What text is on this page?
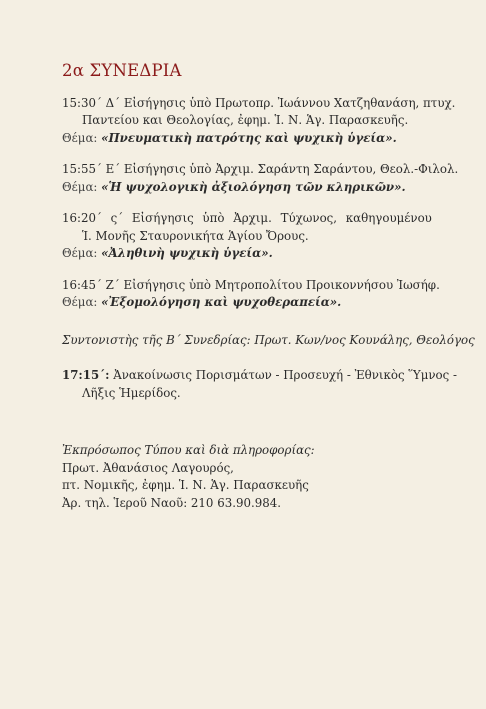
2α ΣΥΝΕΔΡΙΑ
15:30΄ Δ΄ Εἰσήγησις ὑπὸ Πρωτοπρ. Ἰωάννου Χατζηθανάση, πτυχ.
Παντείου και Θεολογίας, ἐφημ. Ἱ. Ν. Ἁγ. Παρασκευῆς.
Θέμα: «Πνευματικὴ πατρότης καὶ ψυχικὴ ὑγεία».
15:55΄ Ε΄ Εἰσήγησις ὑπὸ Ἀρχιμ. Σαράντη Σαράντου, Θεολ.-Φιλολ.
Θέμα: «Ἡ ψυχολογικὴ ἀξιολόγηση τῶν κληρικῶν».
16:20΄ ς΄ Εἰσήγησις ὑπὸ Ἀρχιμ. Τύχωνος, καθηγουμένου
Ἱ. Μονῆς Σταυρονικήτα Ἁγίου Ὄρους.
Θέμα: «Ἀληθινὴ ψυχικὴ ὑγεία».
16:45΄ Ζ΄ Εἰσήγησις ὑπὸ Μητροπολίτου Προικοννήσου Ἰωσήφ.
Θέμα: «Ἐξομολόγηση καὶ ψυχοθεραπεία».
Συντονιστὴς τῆς Β΄ Συνεδρίας: Πρωτ. Κων/νος Κουνάλης, Θεολόγος
17:15΄: Ἀνακοίνωσις Πορισμάτων - Προσευχή - Ἐθνικὸς Ὕμνος -
Λῆξις Ἡμερίδος.
Ἐκπρόσωπος Τύπου καὶ διὰ πληροφορίας:
Πρωτ. Ἀθανάσιος Λαγουρός,
πτ. Νομικῆς, ἐφημ. Ἱ. Ν. Ἁγ. Παρασκευῆς
Ἀρ. τηλ. Ἱεροῦ Ναοῦ: 210 63.90.984.
